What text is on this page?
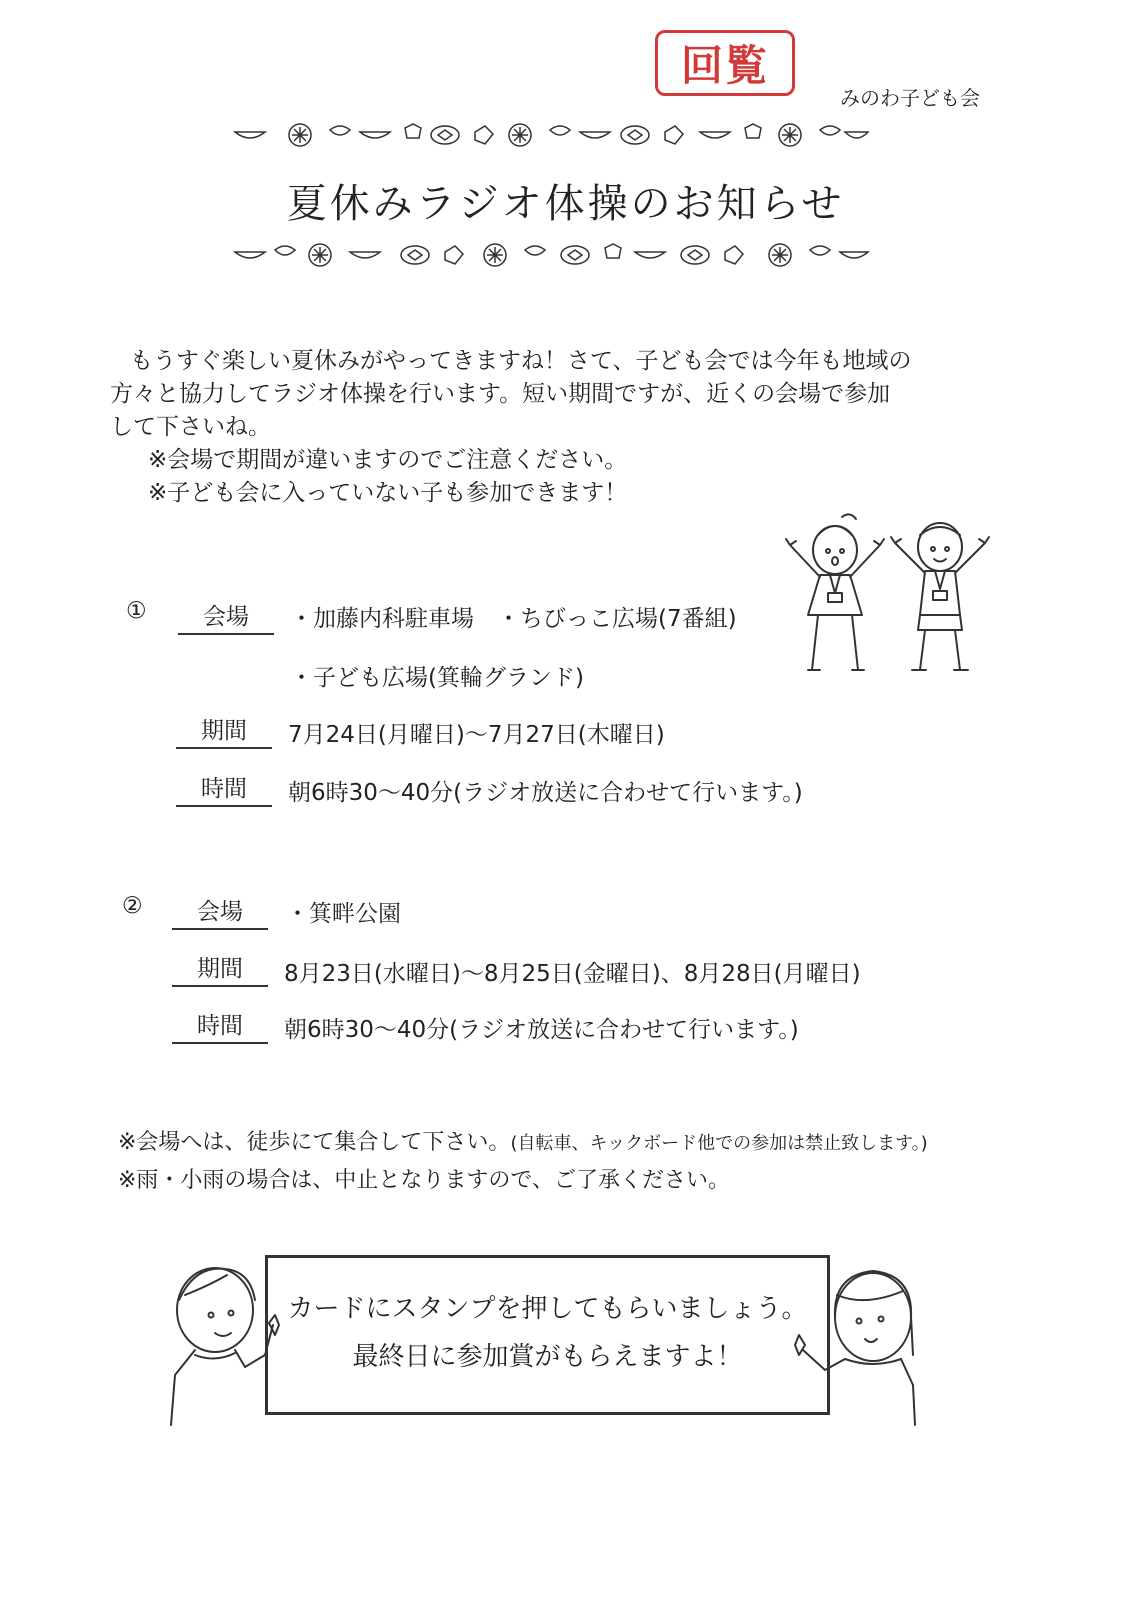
回覧
みのわ子ども会
夏休みラジオ体操のお知らせ

もうすぐ楽しい夏休みがやってきますね！さて、子ども会では今年も地域の

方々と協力してラジオ体操を行います。短い期間ですが、近くの会場で参加

して下さいね。

※会場で期間が違いますのでご注意ください。

※子ども会に入っていない子も参加できます！

①	会場	・加藤内科駐車場　・ちびっこ広場(7番組)
・子ども広場(箕輪グランド)
期間	7月24日(月曜日)～7月27日(木曜日)
時間	朝6時30～40分(ラジオ放送に合わせて行います。)
②	会場	・箕畔公園
期間	8月23日(水曜日)～8月25日(金曜日)、8月28日(月曜日)
時間	朝6時30～40分(ラジオ放送に合わせて行います。)
※会場へは、徒歩にて集合して下さい。(自転車、キックボード他での参加は禁止致します。)
※雨・小雨の場合は、中止となりますので、ご了承ください。
カードにスタンプを押してもらいましょう。
最終日に参加賞がもらえますよ！
